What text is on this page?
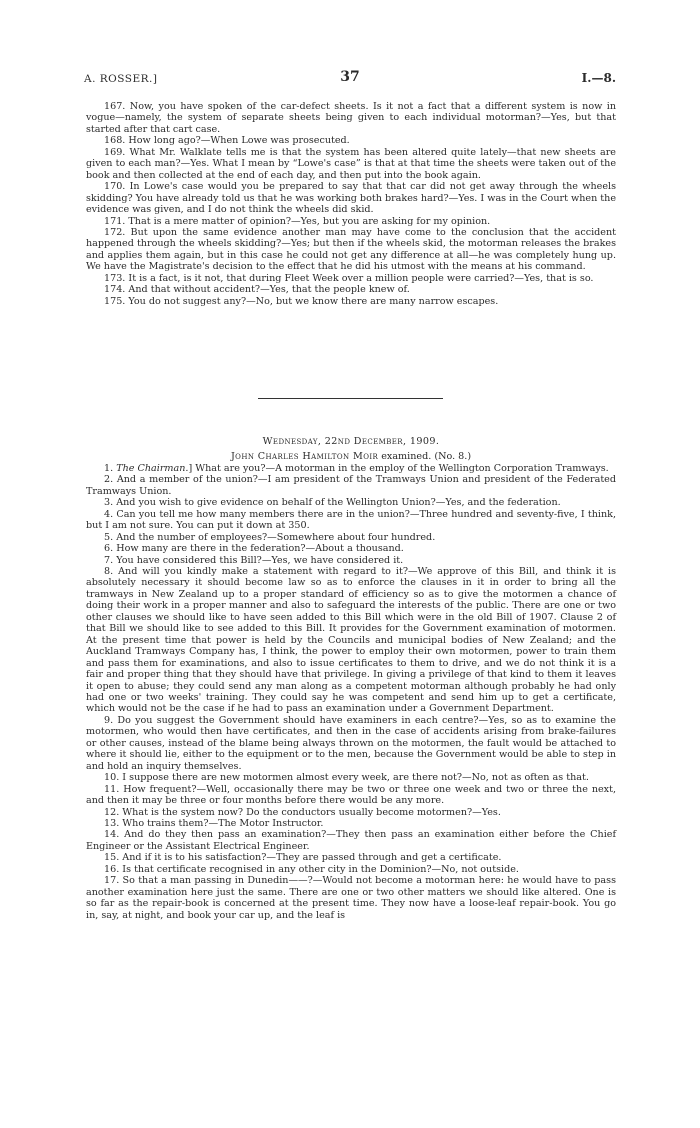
A. ROSSER.]	37	I.—8.

167. Now, you have spoken of the car-defect sheets. Is it not a fact that a different system is now in vogue—namely, the system of separate sheets being given to each individual motorman?—Yes, but that started after that cart case.

168. How long ago?—When Lowe was prosecuted.

169. What Mr. Walklate tells me is that the system has been altered quite lately—that new sheets are given to each man?—Yes. What I mean by “Lowe's case” is that at that time the sheets were taken out of the book and then collected at the end of each day, and then put into the book again.

170. In Lowe's case would you be prepared to say that that car did not get away through the wheels skidding? You have already told us that he was working both brakes hard?—Yes. I was in the Court when the evidence was given, and I do not think the wheels did skid.

171. That is a mere matter of opinion?—Yes, but you are asking for my opinion.

172. But upon the same evidence another man may have come to the conclusion that the accident happened through the wheels skidding?—Yes; but then if the wheels skid, the motorman releases the brakes and applies them again, but in this case he could not get any difference at all—he was completely hung up. We have the Magistrate's decision to the effect that he did his utmost with the means at his command.

173. It is a fact, is it not, that during Fleet Week over a million people were carried?—Yes, that is so.

174. And that without accident?—Yes, that the people knew of.

175. You do not suggest any?—No, but we know there are many narrow escapes.

Wednesday, 22nd December, 1909.

John Charles Hamilton Moir examined. (No. 8.)

1. The Chairman.] What are you?—A motorman in the employ of the Wellington Corporation Tramways.

2. And a member of the union?—I am president of the Tramways Union and president of the Federated Tramways Union.

3. And you wish to give evidence on behalf of the Wellington Union?—Yes, and the federation.

4. Can you tell me how many members there are in the union?—Three hundred and seventy-five, I think, but I am not sure. You can put it down at 350.

5. And the number of employees?—Somewhere about four hundred.

6. How many are there in the federation?—About a thousand.

7. You have considered this Bill?—Yes, we have considered it.

8. And will you kindly make a statement with regard to it?—We approve of this Bill, and think it is absolutely necessary it should become law so as to enforce the clauses in it in order to bring all the tramways in New Zealand up to a proper standard of efficiency so as to give the motormen a chance of doing their work in a proper manner and also to safeguard the interests of the public. There are one or two other clauses we should like to have seen added to this Bill which were in the old Bill of 1907. Clause 2 of that Bill we should like to see added to this Bill. It provides for the Government examination of motormen. At the present time that power is held by the Councils and municipal bodies of New Zealand; and the Auckland Tramways Company has, I think, the power to employ their own motormen, power to train them and pass them for examinations, and also to issue certificates to them to drive, and we do not think it is a fair and proper thing that they should have that privilege. In giving a privilege of that kind to them it leaves it open to abuse; they could send any man along as a competent motorman although probably he had only had one or two weeks' training. They could say he was competent and send him up to get a certificate, which would not be the case if he had to pass an examination under a Government Department.

9. Do you suggest the Government should have examiners in each centre?—Yes, so as to examine the motormen, who would then have certificates, and then in the case of accidents arising from brake-failures or other causes, instead of the blame being always thrown on the motormen, the fault would be attached to where it should lie, either to the equipment or to the men, because the Government would be able to step in and hold an inquiry themselves.

10. I suppose there are new motormen almost every week, are there not?—No, not as often as that.

11. How frequent?—Well, occasionally there may be two or three one week and two or three the next, and then it may be three or four months before there would be any more.

12. What is the system now? Do the conductors usually become motormen?—Yes.

13. Who trains them?—The Motor Instructor.

14. And do they then pass an examination?—They then pass an examination either before the Chief Engineer or the Assistant Electrical Engineer.

15. And if it is to his satisfaction?—They are passed through and get a certificate.

16. Is that certificate recognised in any other city in the Dominion?—No, not outside.

17. So that a man passing in Dunedin——?—Would not become a motorman here: he would have to pass another examination here just the same. There are one or two other matters we should like altered. One is so far as the repair-book is concerned at the present time. They now have a loose-leaf repair-book. You go in, say, at night, and book your car up, and the leaf is
